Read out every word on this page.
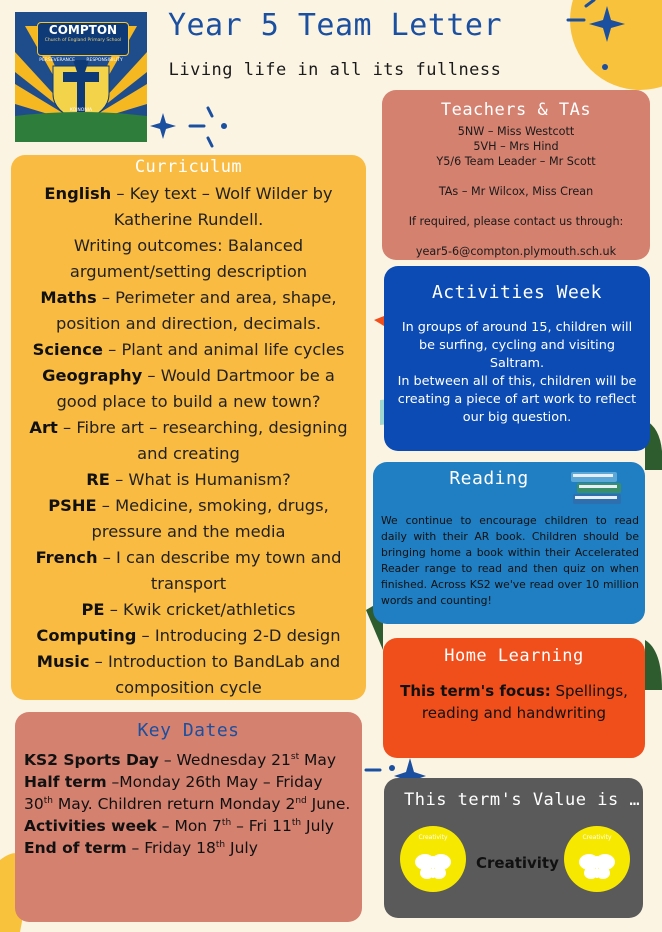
COMPTON
Church of England Primary School
PERSEVERANCE	RESPONSIBILITY
KOINONIA
Year 5 Team Letter
Living life in all its fullness
Curriculum

English – Key text – Wolf Wilder by Katherine Rundell.

Writing outcomes: Balanced argument/setting description

Maths – Perimeter and area, shape, position and direction, decimals.

Science – Plant and animal life cycles

Geography – Would Dartmoor be a good place to build a new town?

Art – Fibre art – researching, designing and creating

RE – What is Humanism?

PSHE – Medicine, smoking, drugs, pressure and the media

French – I can describe my town and transport

PE – Kwik cricket/athletics

Computing – Introducing 2-D design

Music – Introduction to BandLab and composition cycle

Key Dates

KS2 Sports Day – Wednesday 21st May

Half term –Monday 26th May – Friday 30th May. Children return Monday 2nd June.

Activities week – Mon 7th – Fri 11th July

End of term – Friday 18th July

Teachers & TAs
5NW – Miss Westcott
5VH – Mrs Hind
Y5/6 Team Leader – Mr Scott
TAs – Mr Wilcox, Miss Crean
If required, please contact us through:
year5-6@compton.plymouth.sch.uk
Activities Week
In groups of around 15, children will be surfing, cycling and visiting Saltram.
In between all of this, children will be creating a piece of art work to reflect our big question.
Reading
We continue to encourage children to read daily with their AR book. Children should be bringing home a book within their Accelerated Reader range to read and then quiz on when finished. Across KS2 we've read over 10 million words and counting!
Home Learning
This term's focus: Spellings, reading and handwriting
This term's Value is …
Creativity
Creativity
Creativity
